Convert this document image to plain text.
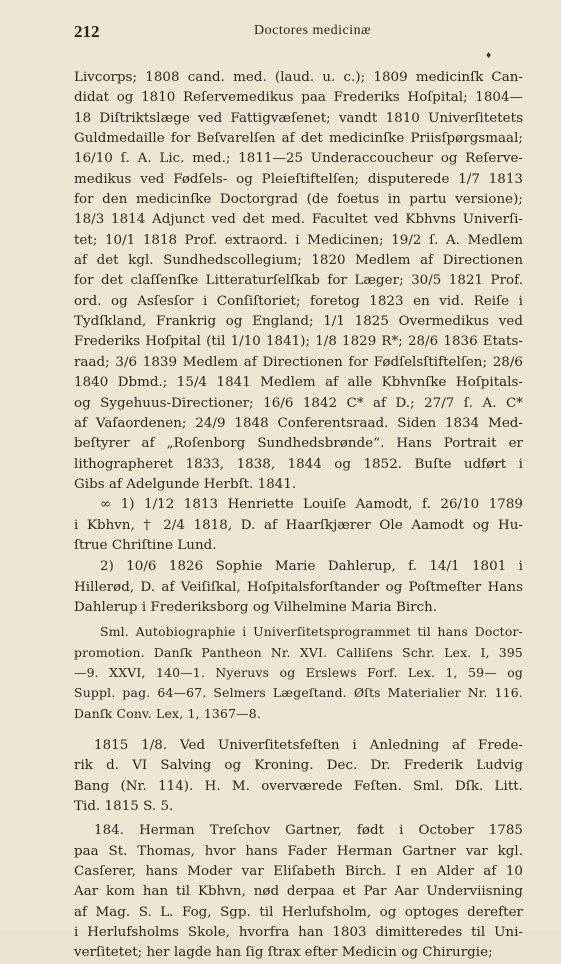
212	Doctores medicinæ
♦
Livcorps; 1808 cand. med. (laud. u. c.); 1809 medicinſk Can-
didat og 1810 Reſervemedikus paa Frederiks Hoſpital; 1804—
18 Diſtriktslæge ved Fattigvæſenet; vandt 1810 Univerſitetets
Guldmedaille for Beſvarelſen af det medicinſke Priisſpørgsmaal;
16/10 ſ. A. Lic. med.; 1811—25 Underaccoucheur og Reſerve-
medikus ved Fødſels- og Pleieſtiftelſen; disputerede 1/7 1813
for den medicinſke Doctorgrad (de foetus in partu versione);
18/3 1814 Adjunct ved det med. Facultet ved Kbhvns Univerſi-
tet; 10/1 1818 Prof. extraord. i Medicinen; 19/2 ſ. A. Medlem
af det kgl. Sundhedscollegium; 1820 Medlem af Directionen
for det claſſenſke Litteraturſelſkab for Læger; 30/5 1821 Prof.
ord. og Asſesſor i Conſiſtoriet; foretog 1823 en vid. Reiſe i
Tydſkland, Frankrig og England; 1/1 1825 Overmedikus ved
Frederiks Hoſpital (til 1/10 1841); 1/8 1829 R*; 28/6 1836 Etats-
raad; 3/6 1839 Medlem af Directionen for Fødſelsſtiftelſen; 28/6
1840 Dbmd.; 15/4 1841 Medlem af alle Kbhvnſke Hoſpitals-
og Sygehuus-Directioner; 16/6 1842 C* af D.; 27/7 ſ. A. C*
af Vaſaordenen; 24/9 1848 Conferentsraad. Siden 1834 Med-
beſtyrer af „Roſenborg Sundhedsbrønde“. Hans Portrait er
lithographeret 1833, 1838, 1844 og 1852. Buſte udført i
Gibs af Adelgunde Herbſt. 1841.
∞ 1) 1/12 1813 Henriette Louiſe Aamodt, f. 26/10 1789
i Kbhvn, † 2/4 1818, D. af Haarſkjærer Ole Aamodt og Hu-
ſtrue Chriſtine Lund.
2) 10/6 1826 Sophie Marie Dahlerup, f. 14/1 1801 i
Hillerød, D. af Veiſiſkal, Hoſpitalsforſtander og Poſtmeſter Hans
Dahlerup i Frederiksborg og Vilhelmine Maria Birch.
Sml. Autobiographie i Univerſitetsprogrammet til hans Doctor-
promotion. Danſk Pantheon Nr. XVI. Calliſens Schr. Lex. I, 395
—9. XXVI, 140—1. Nyeruvs og Erslews Forf. Lex. 1, 59— og
Suppl. pag. 64—67. Selmers Lægeſtand. Øſts Materialier Nr. 116.
Danſk Conv. Lex, 1, 1367—8.
1815 1/8. Ved Univerſitetsfeſten i Anledning af Frede-
rik d. VI Salving og Kroning. Dec. Dr. Frederik Ludvig
Bang (Nr. 114). H. M. overværede Feſten. Sml. Dſk. Litt.
Tid. 1815 S. 5.
184. Herman Treſchov Gartner, født i October 1785
paa St. Thomas, hvor hans Fader Herman Gartner var kgl.
Casſerer, hans Moder var Eliſabeth Birch. I en Alder af 10
Aar kom han til Kbhvn, nød derpaa et Par Aar Underviisning
af Mag. S. L. Fog, Sgp. til Herlufsholm, og optoges derefter
i Herlufsholms Skole, hvorfra han 1803 dimitteredes til Uni-
verſitetet; her lagde han ſig ſtrax efter Medicin og Chirurgie;
